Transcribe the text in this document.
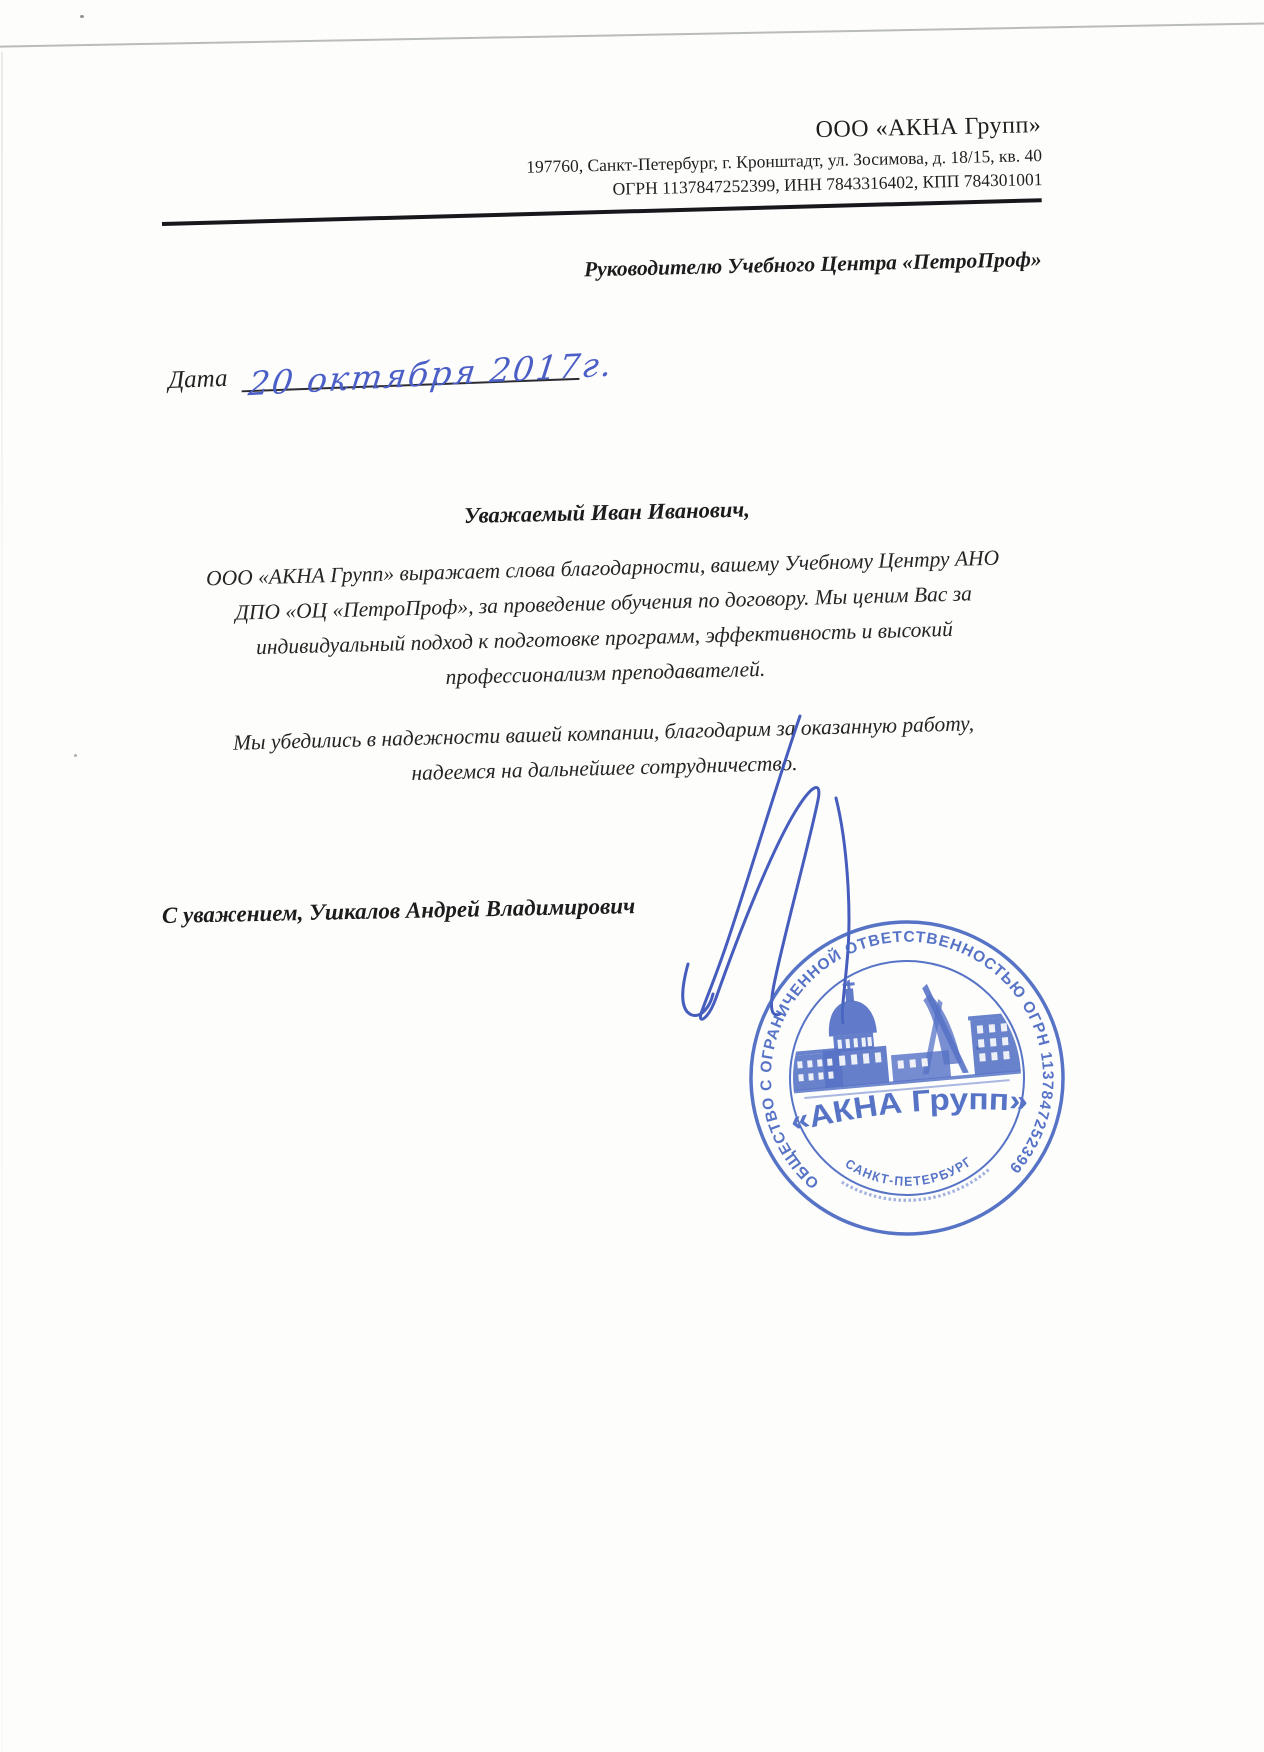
ООО «АКНА Групп»
197760, Санкт-Петербург, г. Кронштадт, ул. Зосимова, д. 18/15, кв. 40
ОГРН 1137847252399, ИНН 7843316402, КПП 784301001
Руководителю Учебного Центра «ПетроПроф»
Дата 20 октября 2017г.
Уважаемый Иван Иванович,
ООО «АКНА Групп» выражает слова благодарности, вашему Учебному Центру АНО
ДПО «ОЦ «ПетроПроф», за проведение обучения по договору. Мы ценим Вас за
индивидуальный подход к подготовке программ, эффективность и высокий
профессионализм преподавателей.
Мы убедились в надежности вашей компании, благодарим за оказанную работу,
надеемся на дальнейшее сотрудничество.
С уважением, Ушкалов Андрей Владимирович
ОБЩЕСТВО С ОГРАНИЧЕННОЙ ОТВЕТСТВЕННОСТЬЮ ОГРН 1137847252399
«АКНА Групп»
САНКТ-ПЕТЕРБУРГ
